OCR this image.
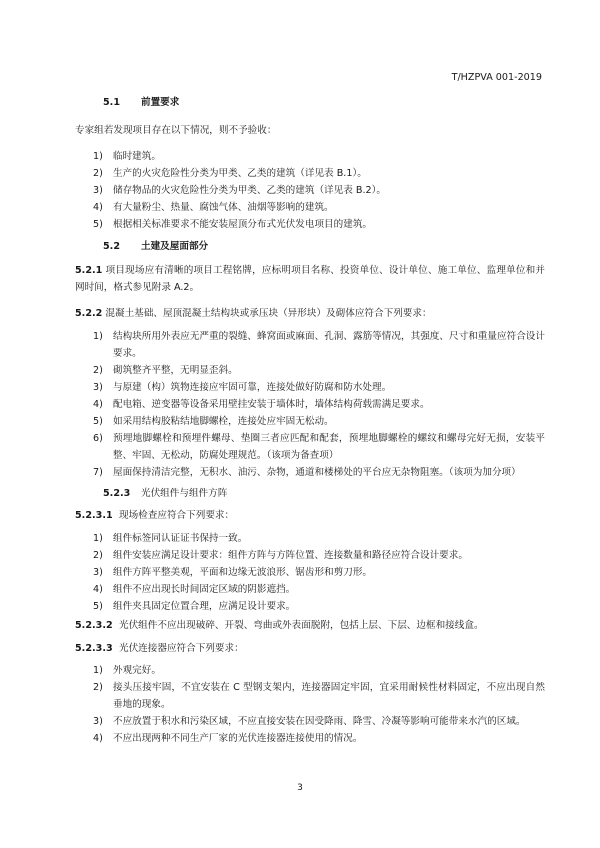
T/HZPVA 001-2019
5.1 前置要求
专家组若发现项目存在以下情况，则不予验收：
1) 临时建筑。
2) 生产的火灾危险性分类为甲类、乙类的建筑（详见表 B.1）。
3) 储存物品的火灾危险性分类为甲类、乙类的建筑（详见表 B.2）。
4) 有大量粉尘、热量、腐蚀气体、油烟等影响的建筑。
5) 根据相关标准要求不能安装屋顶分布式光伏发电项目的建筑。
5.2 土建及屋面部分
5.2.1 项目现场应有清晰的项目工程铭牌，应标明项目名称、投资单位、设计单位、施工单位、监理单位和并网时间，格式参见附录 A.2。
5.2.2 混凝土基础、屋顶混凝土结构块或承压块（异形块）及砌体应符合下列要求：
1) 结构块所用外表应无严重的裂缝、蜂窝面或麻面、孔洞、露筋等情况，其强度、尺寸和重量应符合设计要求。
2) 砌筑整齐平整，无明显歪斜。
3) 与原建（构）筑物连接应牢固可靠，连接处做好防腐和防水处理。
4) 配电箱、逆变器等设备采用壁挂安装于墙体时，墙体结构荷载需满足要求。
5) 如采用结构胶粘结地脚螺栓，连接处应牢固无松动。
6) 预埋地脚螺栓和预埋件螺母、垫圈三者应匹配和配套，预埋地脚螺栓的螺纹和螺母完好无损，安装平整、牢固、无松动，防腐处理规范。（该项为备查项）
7) 屋面保持清洁完整，无积水、油污、杂物，通道和楼梯处的平台应无杂物阻塞。（该项为加分项）
5.2.3 光伏组件与组件方阵
5.2.3.1 现场检查应符合下列要求：
1) 组件标签同认证证书保持一致。
2) 组件安装应满足设计要求：组件方阵与方阵位置、连接数量和路径应符合设计要求。
3) 组件方阵平整美观，平面和边缘无波浪形、锯齿形和剪刀形。
4) 组件不应出现长时间固定区域的阴影遮挡。
5) 组件夹具固定位置合理，应满足设计要求。
5.2.3.2 光伏组件不应出现破碎、开裂、弯曲或外表面脱附，包括上层、下层、边框和接线盒。
5.2.3.3 光伏连接器应符合下列要求：
1) 外观完好。
2) 接头压接牢固，不宜安装在 C 型钢支架内，连接器固定牢固，宜采用耐候性材料固定，不应出现自然垂地的现象。
3) 不应放置于积水和污染区域，不应直接安装在因受降雨、降雪、冷凝等影响可能带来水汽的区域。
4) 不应出现两种不同生产厂家的光伏连接器连接使用的情况。
3
